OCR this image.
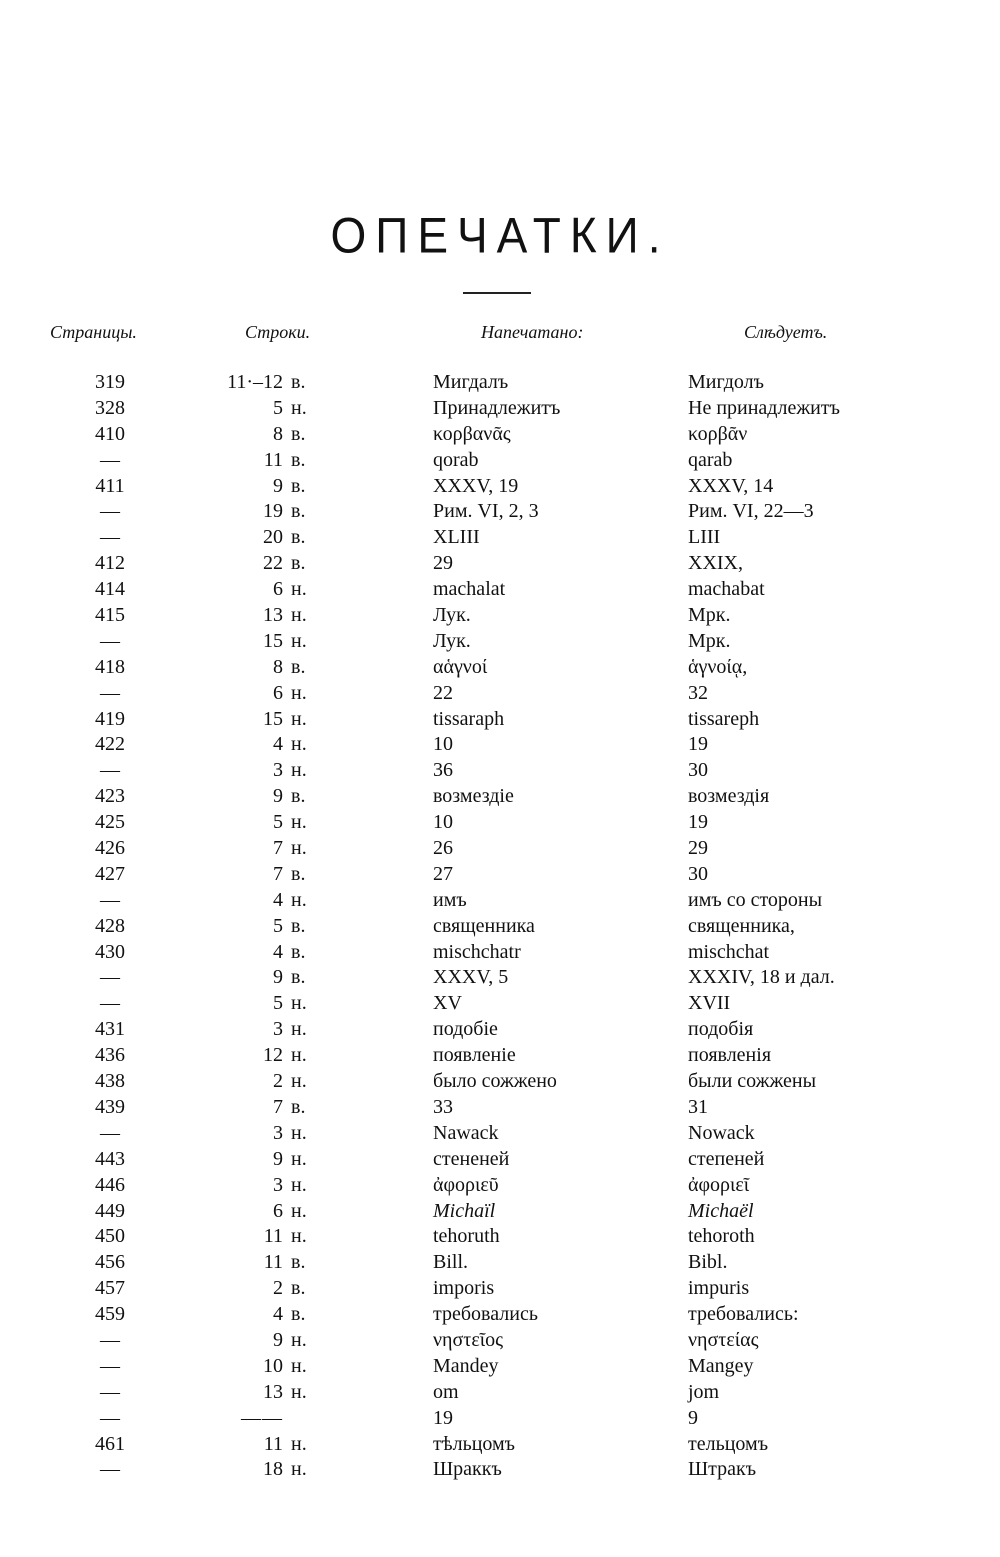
ОПЕЧАТКИ.
Страницы.	Строки.	Напечатано:	Слѣдуетъ.
319	11·–12 в.	Мигдалъ	Мигдолъ
328	5 н.	Принадлежитъ	Не принадлежитъ
410	8 в.	κορβανᾶς	κορβᾶν
—	11 в.	qorab	qarab
411	9 в.	XXXV, 19	XXXV, 14
—	19 в.	Рим. VI, 2, 3	Рим. VI, 22—3
—	20 в.	XLIII	LIII
412	22 в.	29	XXIX,
414	6 н.	machalat	machabat
415	13 н.	Лук.	Мрк.
—	15 н.	Лук.	Мрк.
418	8 в.	αἁγνοί	ἁγνοίᾳ,
—	6 н.	22	32
419	15 н.	tissaraph	tissareph
422	4 н.	10	19
—	3 н.	36	30
423	9 в.	возмездіе	возмездія
425	5 н.	10	19
426	7 н.	26	29
427	7 в.	27	30
—	4 н.	имъ	имъ со стороны
428	5 в.	священника	священника,
430	4 в.	mischchatr	mischchat
—	9 в.	XXXV, 5	XXXIV, 18 и дал.
—	5 н.	XV	XVII
431	3 н.	подобіе	подобія
436	12 н.	появленіе	появленія
438	2 н.	было сожжено	были сожжены
439	7 в.	33	31
—	3 н.	Nawack	Nowack
443	9 н.	стененей	степеней
446	3 н.	ἀφοριεῦ	ἀφοριεῖ
449	6 н.	Michaïl	Michaël
450	11 н.	tehoruth	tehoroth
456	11 в.	Bill.	Bibl.
457	2 в.	imporis	impuris
459	4 в.	требовались	требовались:
—	9 н.	νηστεῖος	νηστείας
—	10 н.	Mandey	Mangey
—	13 н.	om	jom
—	——	19	9
461	11 н.	тѣльцомъ	тельцомъ
—	18 н.	Шраккъ	Штракъ
